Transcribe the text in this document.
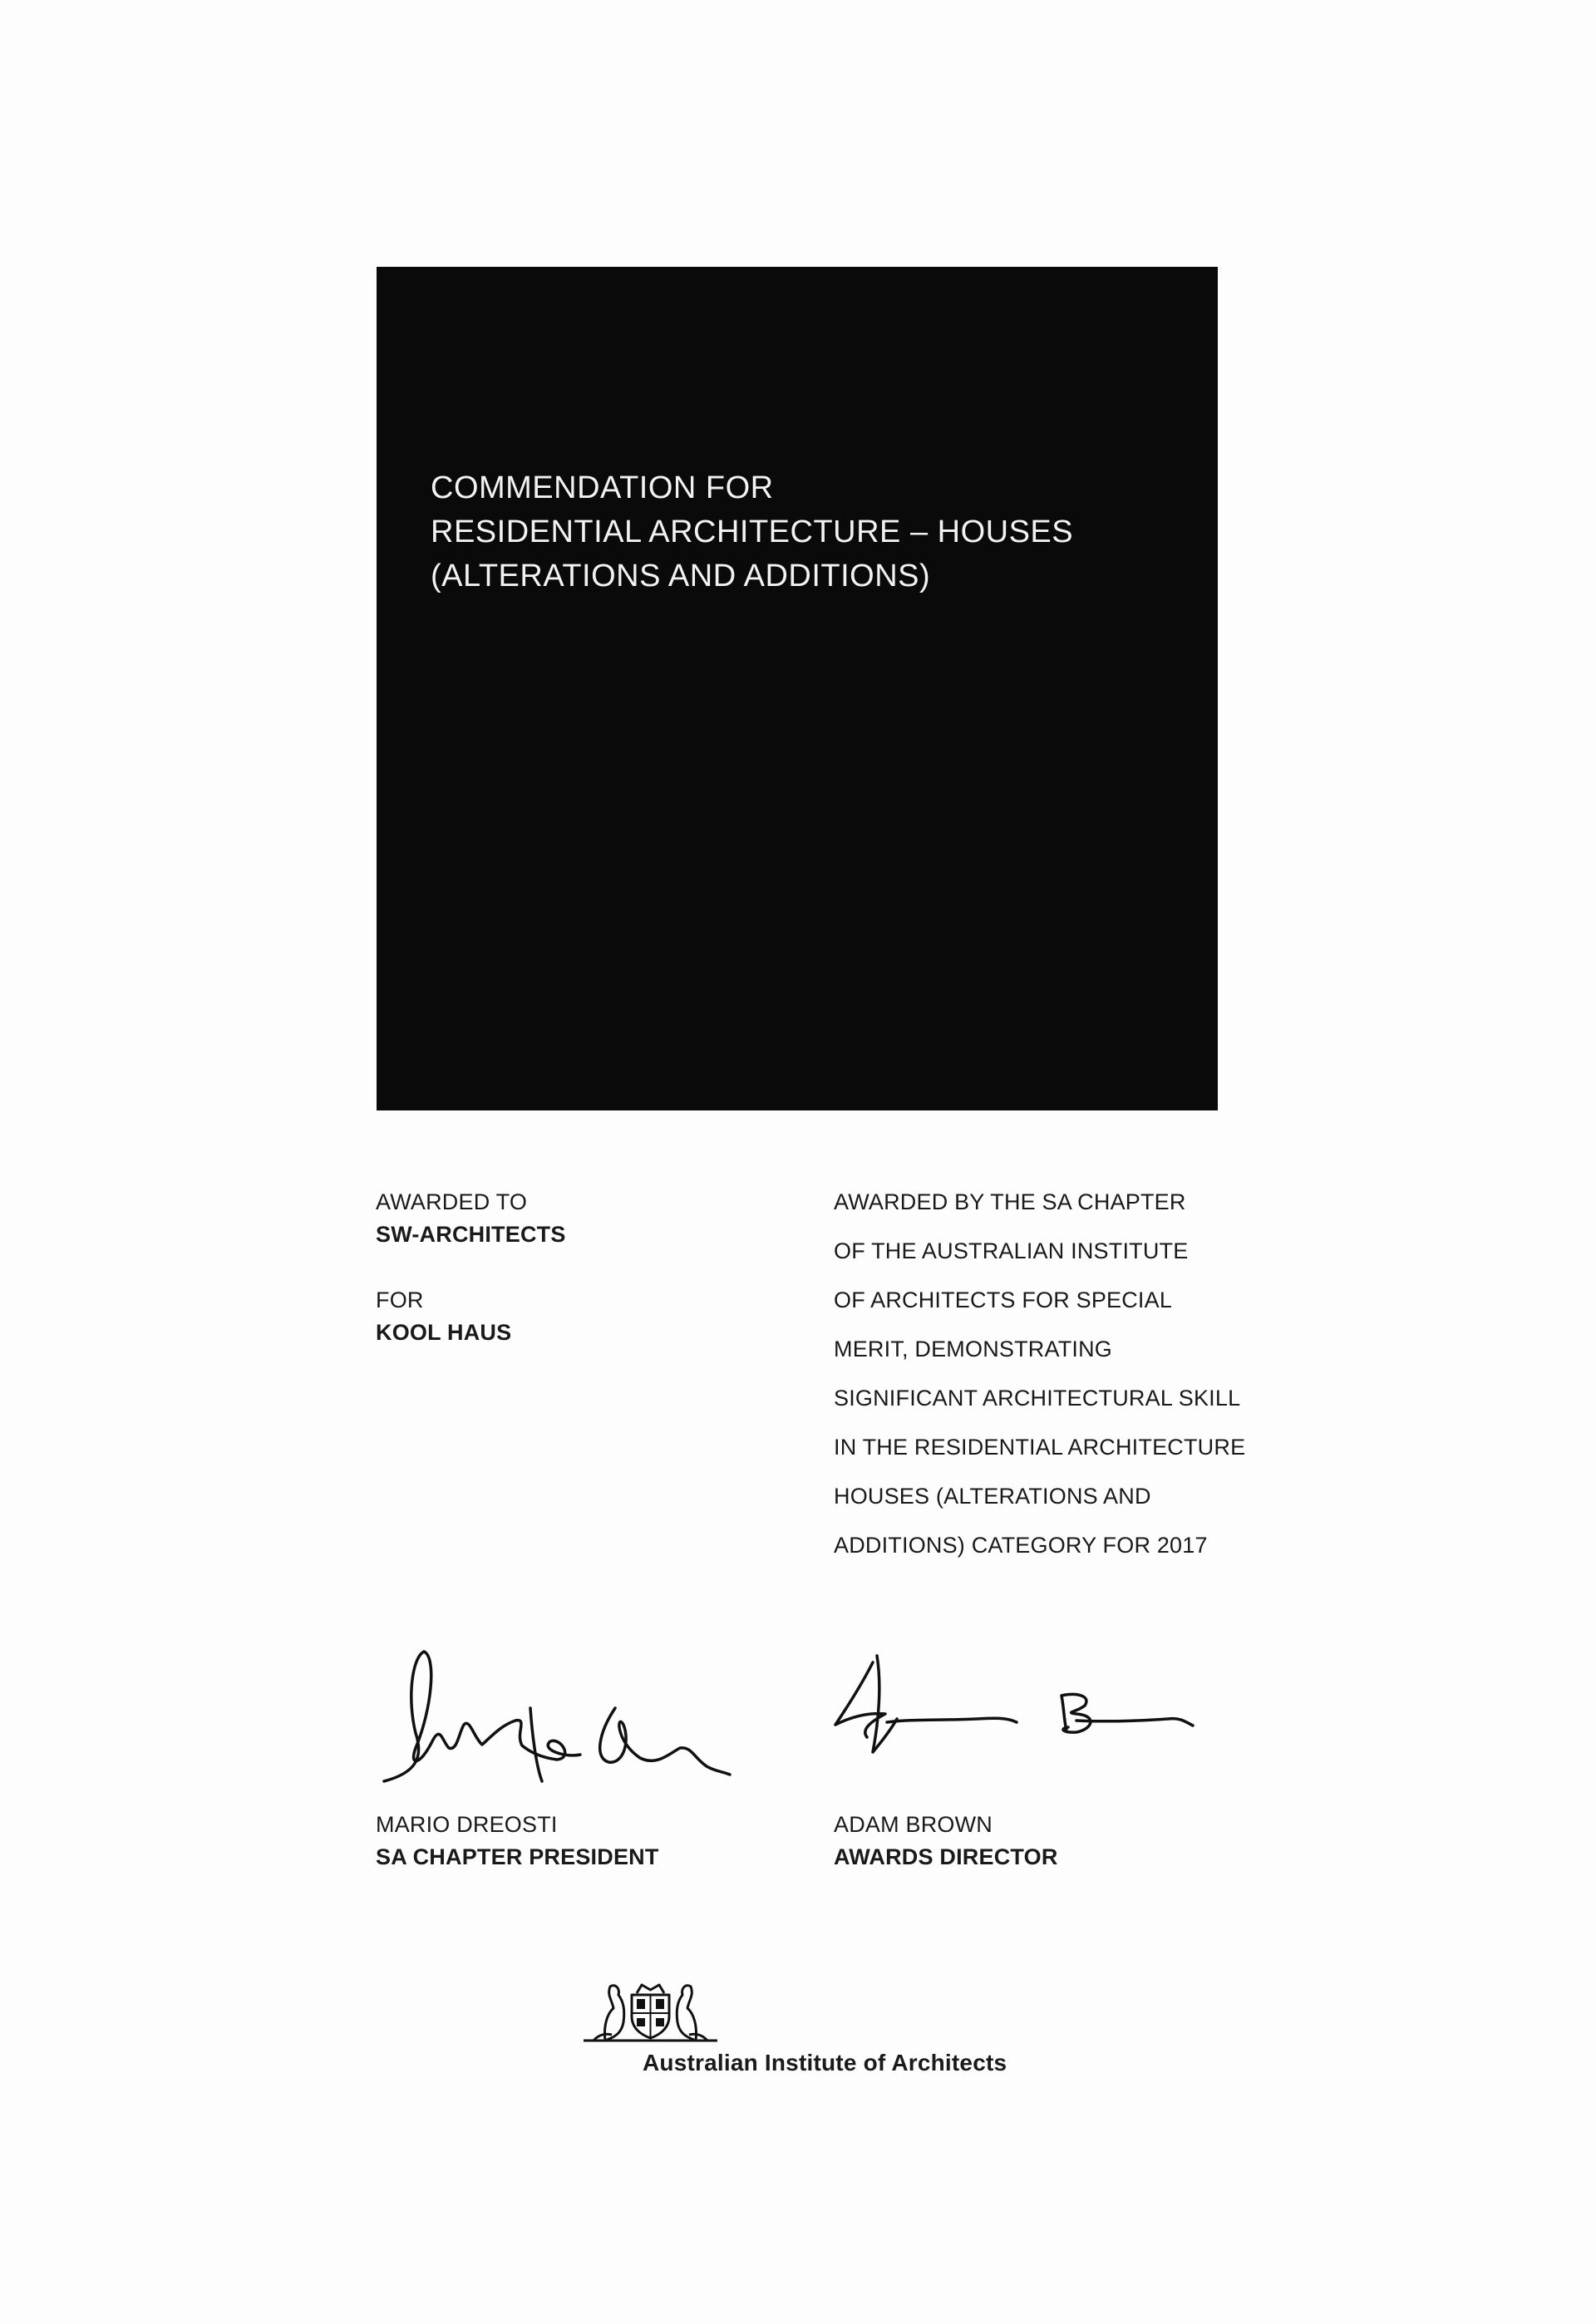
COMMENDATION FOR
RESIDENTIAL ARCHITECTURE – HOUSES
(ALTERATIONS AND ADDITIONS)

AWARDED TO

SW-ARCHITECTS

FOR

KOOL HAUS

AWARDED BY THE SA CHAPTER
OF THE AUSTRALIAN INSTITUTE
OF ARCHITECTS FOR SPECIAL
MERIT, DEMONSTRATING
SIGNIFICANT ARCHITECTURAL SKILL
IN THE RESIDENTIAL ARCHITECTURE
HOUSES (ALTERATIONS AND
ADDITIONS) CATEGORY FOR 2017

MARIO DREOSTI

SA CHAPTER PRESIDENT

ADAM BROWN

AWARDS DIRECTOR

Australian Institute of Architects
